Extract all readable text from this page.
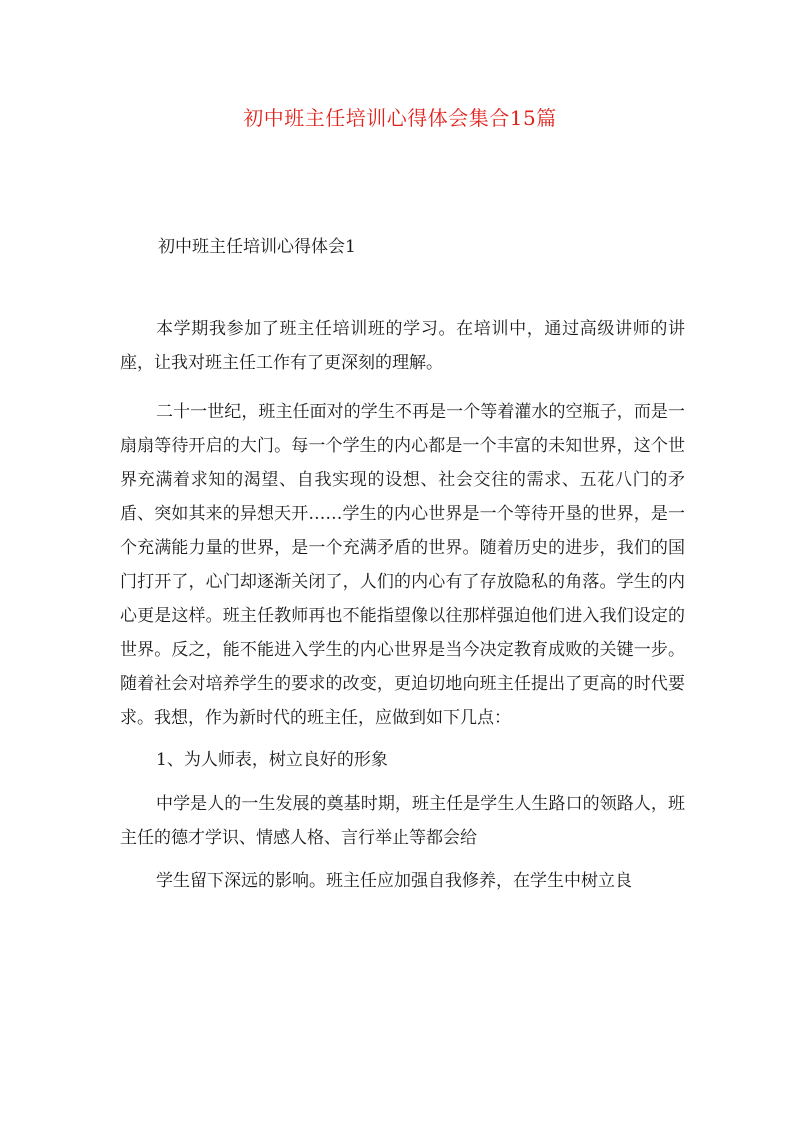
初中班主任培训心得体会集合15篇
初中班主任培训心得体会1

本学期我参加了班主任培训班的学习。在培训中，通过高级讲师的讲座，让我对班主任工作有了更深刻的理解。

二十一世纪，班主任面对的学生不再是一个等着灌水的空瓶子，而是一扇扇等待开启的大门。每一个学生的内心都是一个丰富的未知世界，这个世界充满着求知的渴望、自我实现的设想、社会交往的需求、五花八门的矛盾、突如其来的异想天开……学生的内心世界是一个等待开垦的世界，是一个充满能力量的世界，是一个充满矛盾的世界。随着历史的进步，我们的国门打开了，心门却逐渐关闭了，人们的内心有了存放隐私的角落。学生的内心更是这样。班主任教师再也不能指望像以往那样强迫他们进入我们设定的世界。反之，能不能进入学生的内心世界是当今决定教育成败的关键一步。随着社会对培养学生的要求的改变，更迫切地向班主任提出了更高的时代要求。我想，作为新时代的班主任，应做到如下几点：

1、为人师表，树立良好的形象

中学是人的一生发展的奠基时期，班主任是学生人生路口的领路人，班主任的德才学识、情感人格、言行举止等都会给

学生留下深远的影响。班主任应加强自我修养，在学生中树立良
